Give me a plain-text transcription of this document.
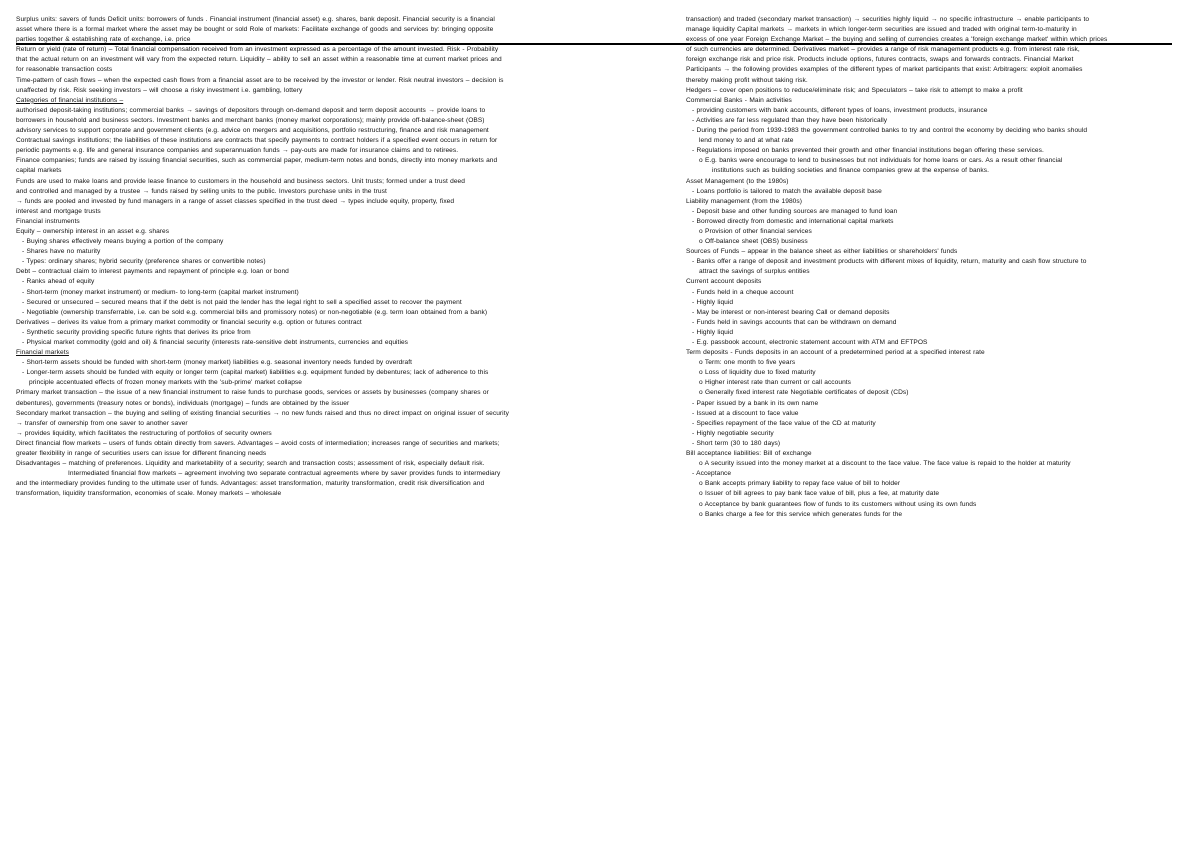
Surplus units: savers of funds Deficit units: borrowers of funds . Financial instrument (financial asset) e.g. shares, bank deposit. Financial security is a financial
asset where there is a formal market where the asset may be bought or sold Role of markets: Facilitate exchange of goods and services by: bringing opposite
parties together & establishing rate of exchange, i.e. price
Return or yield (rate of return) – Total financial compensation received from an investment expressed as a percentage of the amount invested. Risk - Probability
that the actual return on an investment will vary from the expected return. Liquidity – ability to sell an asset within a reasonable time at current market prices and
for reasonable transaction costs
Time-pattern of cash flows – when the expected cash flows from a financial asset are to be received by the investor or lender. Risk neutral investors – decision is
unaffected by risk. Risk seeking investors – will choose a risky investment i.e. gambling, lottery
Categories of financial institutions –
authorised deposit-taking institutions; commercial banks → savings of depositors through on-demand deposit and term deposit accounts → provide loans to
borrowers in household and business sectors. Investment banks and merchant banks (money market corporations); mainly provide off-balance-sheet (OBS)
advisory services to support corporate and government clients (e.g. advice on mergers and acquisitions, portfolio restructuring, finance and risk management
Contractual savings institutions; the liabilities of these institutions are contracts that specify payments to contract holders if a specified event occurs in return for
periodic payments e.g. life and general insurance companies and superannuation funds → pay-outs are made for insurance claims and to retirees.
Finance companies; funds are raised by issuing financial securities, such as commercial paper, medium-term notes and bonds, directly into money markets and
capital markets
Funds are used to make loans and provide lease finance to customers in the household and business sectors. Unit trusts; formed under a trust deed
and controlled and managed by a trustee → funds raised by selling units to the public. Investors purchase units in the trust
→ funds are pooled and invested by fund managers in a range of asset classes specified in the trust deed → types include equity, property, fixed
interest and mortgage trusts
Financial instruments
Equity – ownership interest in an asset e.g. shares
- Buying shares effectively means buying a portion of the company
- Shares have no maturity
- Types: ordinary shares; hybrid security (preference shares or convertible notes)
Debt – contractual claim to interest payments and repayment of principle e.g. loan or bond
- Ranks ahead of equity
- Short-term (money market instrument) or medium- to long-term (capital market instrument)
- Secured or unsecured – secured means that if the debt is not paid the lender has the legal right to sell a specified asset to recover the payment
- Negotiable (ownership transferrable, i.e. can be sold e.g. commercial bills and promissory notes) or non-negotiable (e.g. term loan obtained from a bank)
Derivatives – derives its value from a primary market commodity or financial security e.g. option or futures contract
- Synthetic security providing specific future rights that derives its price from
- Physical market commodity (gold and oil) & financial security (interests rate-sensitive debt instruments, currencies and equities
Financial markets
- Short-term assets should be funded with short-term (money market) liabilities e.g. seasonal inventory needs funded by overdraft
- Longer-term assets should be funded with equity or longer term (capital market) liabilities e.g. equipment funded by debentures; lack of adherence to this
principle accentuated effects of frozen money markets with the 'sub-prime' market collapse
Primary market transaction – the issue of a new financial instrument to raise funds to purchase goods, services or assets by businesses (company shares or
debentures), governments (treasury notes or bonds), individuals (mortgage) – funds are obtained by the issuer
Secondary market transaction – the buying and selling of existing financial securities → no new funds raised and thus no direct impact on original issuer of security
→ transfer of ownership from one saver to another saver
→ provides liquidity, which facilitates the restructuring of portfolios of security owners
Direct financial flow markets – users of funds obtain directly from savers. Advantages – avoid costs of intermediation; increases range of securities and markets;
greater flexibility in range of securities users can issue for different financing needs
Disadvantages – matching of preferences. Liquidity and marketability of a security; search and transaction costs; assessment of risk, especially default risk.
Intermediated financial flow markets – agreement involving two separate contractual agreements where by saver provides funds to intermediary
and the intermediary provides funding to the ultimate user of funds. Advantages: asset transformation, maturity transformation, credit risk diversification and
transformation, liquidity transformation, economies of scale. Money markets – wholesale
transaction) and traded (secondary market transaction) → securities highly liquid → no specific infrastructure → enable participants to
manage liquidity Capital markets → markets in which longer-term securities are issued and traded with original term-to-maturity in
excess of one year Foreign Exchange Market – the buying and selling of currencies creates a 'foreign exchange market' within which prices
of such currencies are determined. Derivatives market – provides a range of risk management products e.g. from interest rate risk,
foreign exchange risk and price risk. Products include options, futures contracts, swaps and forwards contracts. Financial Market
Participants → the following provides examples of the different types of market participants that exist: Arbitragers: exploit anomalies
thereby making profit without taking risk.
Hedgers – cover open positions to reduce/eliminate risk; and Speculators – take risk to attempt to make a profit
Commercial Banks - Main activities
- providing customers with bank accounts, different types of loans, investment products, insurance
- Activities are far less regulated than they have been historically
- During the period from 1939-1983 the government controlled banks to try and control the economy by deciding who banks should
lend money to and at what rate
- Regulations imposed on banks prevented their growth and other financial institutions began offering these services.
o E.g. banks were encourage to lend to businesses but not individuals for home loans or cars. As a result other financial
institutions such as building societies and finance companies grew at the expense of banks.
Asset Management (to the 1980s)
- Loans portfolio is tailored to match the available deposit base
Liability management (from the 1980s)
- Deposit base and other funding sources are managed to fund loan
- Borrowed directly from domestic and international capital markets
o Provision of other financial services
o Off-balance sheet (OBS) business
Sources of Funds – appear in the balance sheet as either liabilities or shareholders' funds
- Banks offer a range of deposit and investment products with different mixes of liquidity, return, maturity and cash flow structure to
attract the savings of surplus entities
Current account deposits
- Funds held in a cheque account
- Highly liquid
- May be interest or non-interest bearing Call or demand deposits
- Funds held in savings accounts that can be withdrawn on demand
- Highly liquid
- E.g. passbook account, electronic statement account with ATM and EFTPOS
Term deposits - Funds deposits in an account of a predetermined period at a specified interest rate
o Term: one month to five years
o Loss of liquidity due to fixed maturity
o Higher interest rate than current or call accounts
o Generally fixed interest rate Negotiable certificates of deposit (CDs)
- Paper issued by a bank in its own name
- Issued at a discount to face value
- Specifies repayment of the face value of the CD at maturity
- Highly negotiable security
- Short term (30 to 180 days)
Bill acceptance liabilities: Bill of exchange
o A security issued into the money market at a discount to the face value. The face value is repaid to the holder at maturity
- Acceptance
o Bank accepts primary liability to repay face value of bill to holder
o Issuer of bill agrees to pay bank face value of bill, plus a fee, at maturity date
o Acceptance by bank guarantees flow of funds to its customers without using its own funds
o Banks charge a fee for this service which generates funds for the
